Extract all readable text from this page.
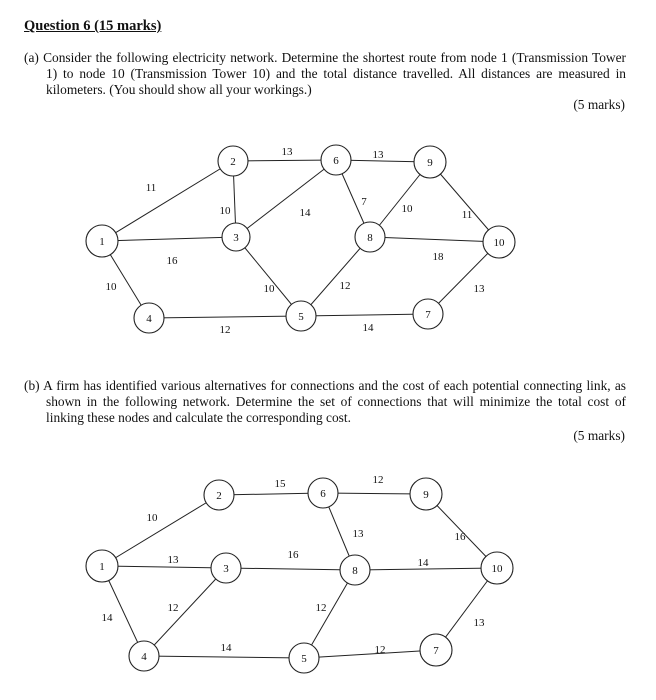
Question 6 (15 marks)
(a) Consider the following electricity network. Determine the shortest route from node 1 (Transmission Tower 1) to node 10 (Transmission Tower 10) and the total distance travelled. All distances are measured in kilometers. (You should show all your workings.)
(5 marks)
1
2
3
4	5
6
7
8
9
10
11
16
10
10
13
14
10
12
13
7
10
18
11
12
14
13
(b) A firm has identified various alternatives for connections and the cost of each potential connecting link, as shown in the following network. Determine the set of connections that will minimize the total cost of linking these nodes and calculate the corresponding cost.
(5 marks)
1
2
3
4	5
6
7
8
9
10
10
13
14
15
16
12
14
12
13	16
14
12
12
13
